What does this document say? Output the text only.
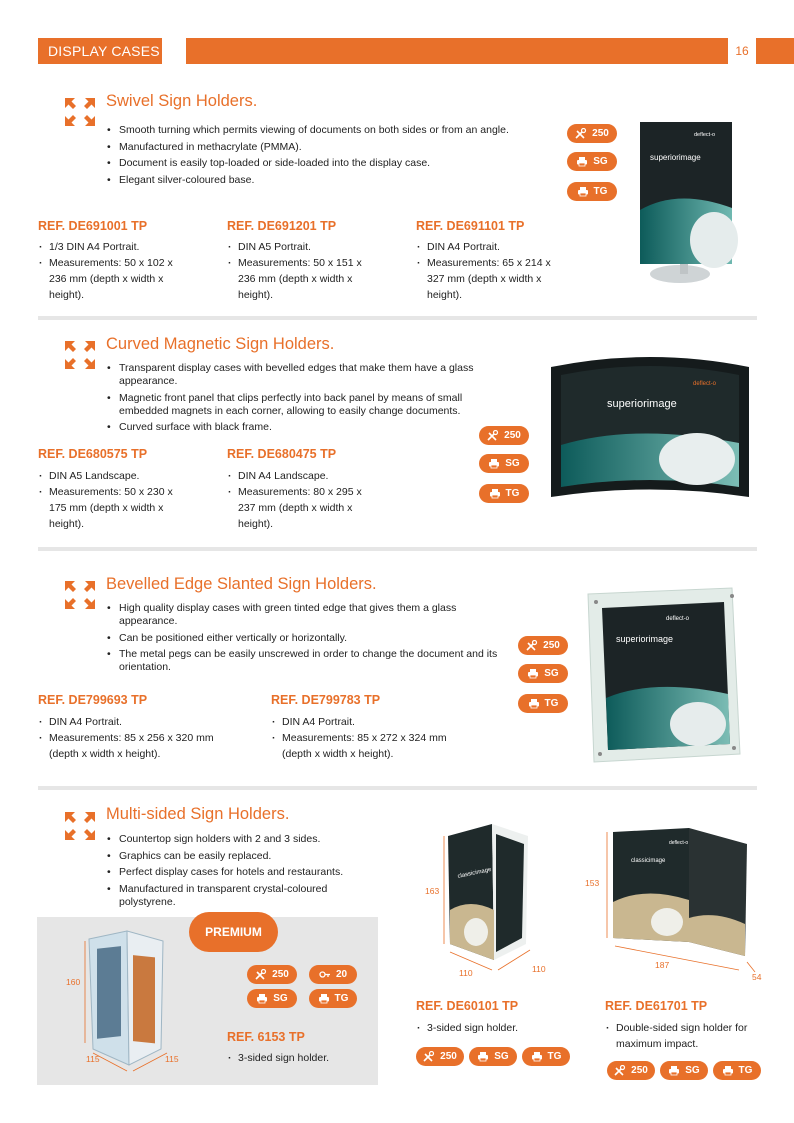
DISPLAY CASES	16
Swivel Sign Holders.
• Smooth turning which permits viewing of documents on both sides or from an angle.
• Manufactured in methacrylate (PMMA).
• Document is easily top-loaded or side-loaded into the display case.
• Elegant silver-coloured base.
REF. DE691001 TP
· 1/3 DIN A4 Portrait.
· Measurements: 50 x 102 x 236 mm (depth x width x height).
REF. DE691201 TP
· DIN A5 Portrait.
· Measurements: 50 x 151 x 236 mm (depth x width x height).
REF. DE691101 TP
· DIN A4 Portrait.
· Measurements: 65 x 214 x 327 mm (depth x width x height).
250
SG
TG
deflect-o
superiorimage
Curved Magnetic Sign Holders.
• Transparent display cases with bevelled edges that make them have a glass appearance.
• Magnetic front panel that clips perfectly into back panel by means of small embedded magnets in each corner, allowing to easily change documents.
• Curved surface with black frame.
REF. DE680575 TP
· DIN A5 Landscape.
· Measurements: 50 x 230 x 175 mm (depth x width x height).
REF. DE680475 TP
· DIN A4 Landscape.
· Measurements: 80 x 295 x 237 mm (depth x width x height).
250
SG
TG
deflect-o
superiorimage
Bevelled Edge Slanted Sign Holders.
• High quality display cases with green tinted edge that gives them a glass appearance.
• Can be positioned either vertically or horizontally.
• The metal pegs can be easily unscrewed in order to change the document and its orientation.
REF. DE799693 TP
· DIN A4 Portrait.
· Measurements: 85 x 256 x 320 mm (depth x width x height).
REF. DE799783 TP
· DIN A4 Portrait.
· Measurements: 85 x 272 x 324 mm (depth x width x height).
250
SG
TG
deflect-o
superiorimage
Multi-sided Sign Holders.
• Countertop sign holders with 2 and 3 sides.
• Graphics can be easily replaced.
• Perfect display cases for hotels and restaurants.
• Manufactured in transparent crystal-coloured polystyrene.
PREMIUM
160
115	115
250	20
SG	TG
REF. 6153 TP
· 3-sided sign holder.
classicimage
163
110	110
REF. DE60101 TP
· 3-sided sign holder.
250	SG	TG
classicimage
deflect-o
153
187
54
REF. DE61701 TP
· Double-sided sign holder for maximum impact.
250	SG	TG
